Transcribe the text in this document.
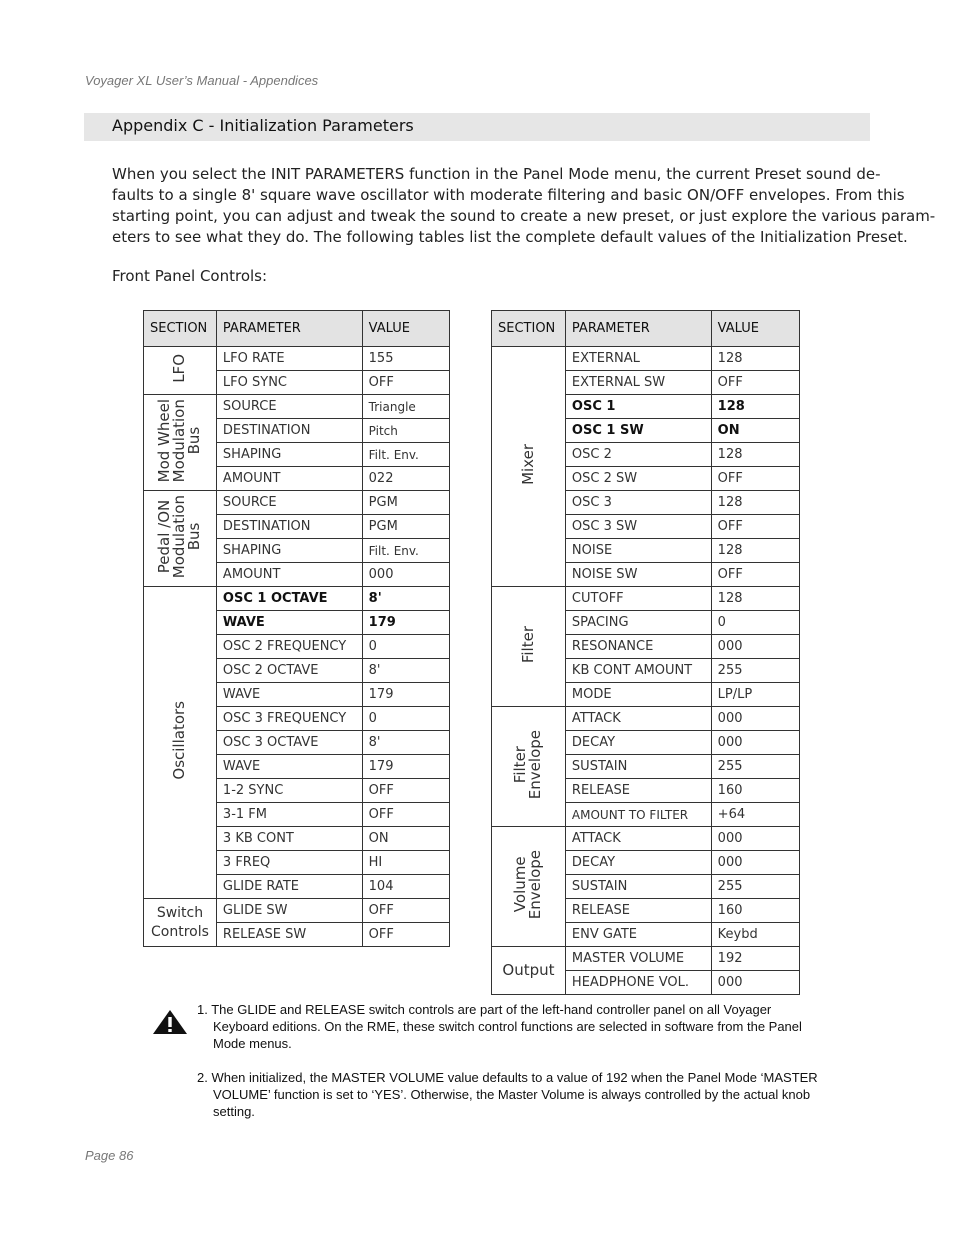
Voyager XL User’s Manual - Appendices
Appendix C - Initialization Parameters
When you select the INIT PARAMETERS function in the Panel Mode menu, the current Preset sound de-
faults to a single 8' square wave oscillator with moderate filtering and basic ON/OFF envelopes. From this
starting point, you can adjust and tweak the sound to create a new preset, or just explore the various param-
eters to see what they do. The following tables list the complete default values of the Initialization Preset.
Front Panel Controls:
SECTION	PARAMETER	VALUE
LFO	LFO RATE	155
	LFO SYNC	OFF
Mod Wheel
Modulation
Bus	SOURCE	Triangle
	DESTINATION	Pitch
	SHAPING	Filt. Env.
	AMOUNT	022
Pedal /ON
Modulation
Bus	SOURCE	PGM
	DESTINATION	PGM
	SHAPING	Filt. Env.
	AMOUNT	000
Oscillators	OSC 1 OCTAVE	8'
	WAVE	179
	OSC 2 FREQUENCY	0
	OSC 2 OCTAVE	8'
	WAVE	179
	OSC 3 FREQUENCY	0
	OSC 3 OCTAVE	8'
	WAVE	179
	1-2 SYNC	OFF
	3-1 FM	OFF
	3 KB CONT	ON
	3 FREQ	HI
	GLIDE RATE	104

Switch
Controls	GLIDE SW	OFF
	RELEASE SW	OFF
SECTION	PARAMETER	VALUE
Mixer	EXTERNAL	128
	EXTERNAL SW	OFF
	OSC 1	128
	OSC 1 SW	ON
	OSC 2	128
	OSC 2 SW	OFF
	OSC 3	128
	OSC 3 SW	OFF
	NOISE	128
	NOISE SW	OFF
Filter	CUTOFF	128
	SPACING	0
	RESONANCE	000
	KB CONT AMOUNT	255
	MODE	LP/LP
Filter
Envelope	ATTACK	000
	DECAY	000
	SUSTAIN	255
	RELEASE	160
	AMOUNT TO FILTER	+64
Volume
Envelope	ATTACK	000
	DECAY	000
	SUSTAIN	255
	RELEASE	160
	ENV GATE	Keybd

Output	MASTER VOLUME	192
	HEADPHONE VOL.	000

1. The GLIDE and RELEASE switch controls are part of the left-hand controller panel on all Voyager Keyboard editions. On the RME, these switch control functions are selected in software from the Panel Mode menus.

2. When initialized, the MASTER VOLUME value defaults to a value of 192 when the Panel Mode ‘MASTER VOLUME’ function is set to ‘YES’. Otherwise, the Master Volume is always controlled by the actual knob setting.

Page 86
